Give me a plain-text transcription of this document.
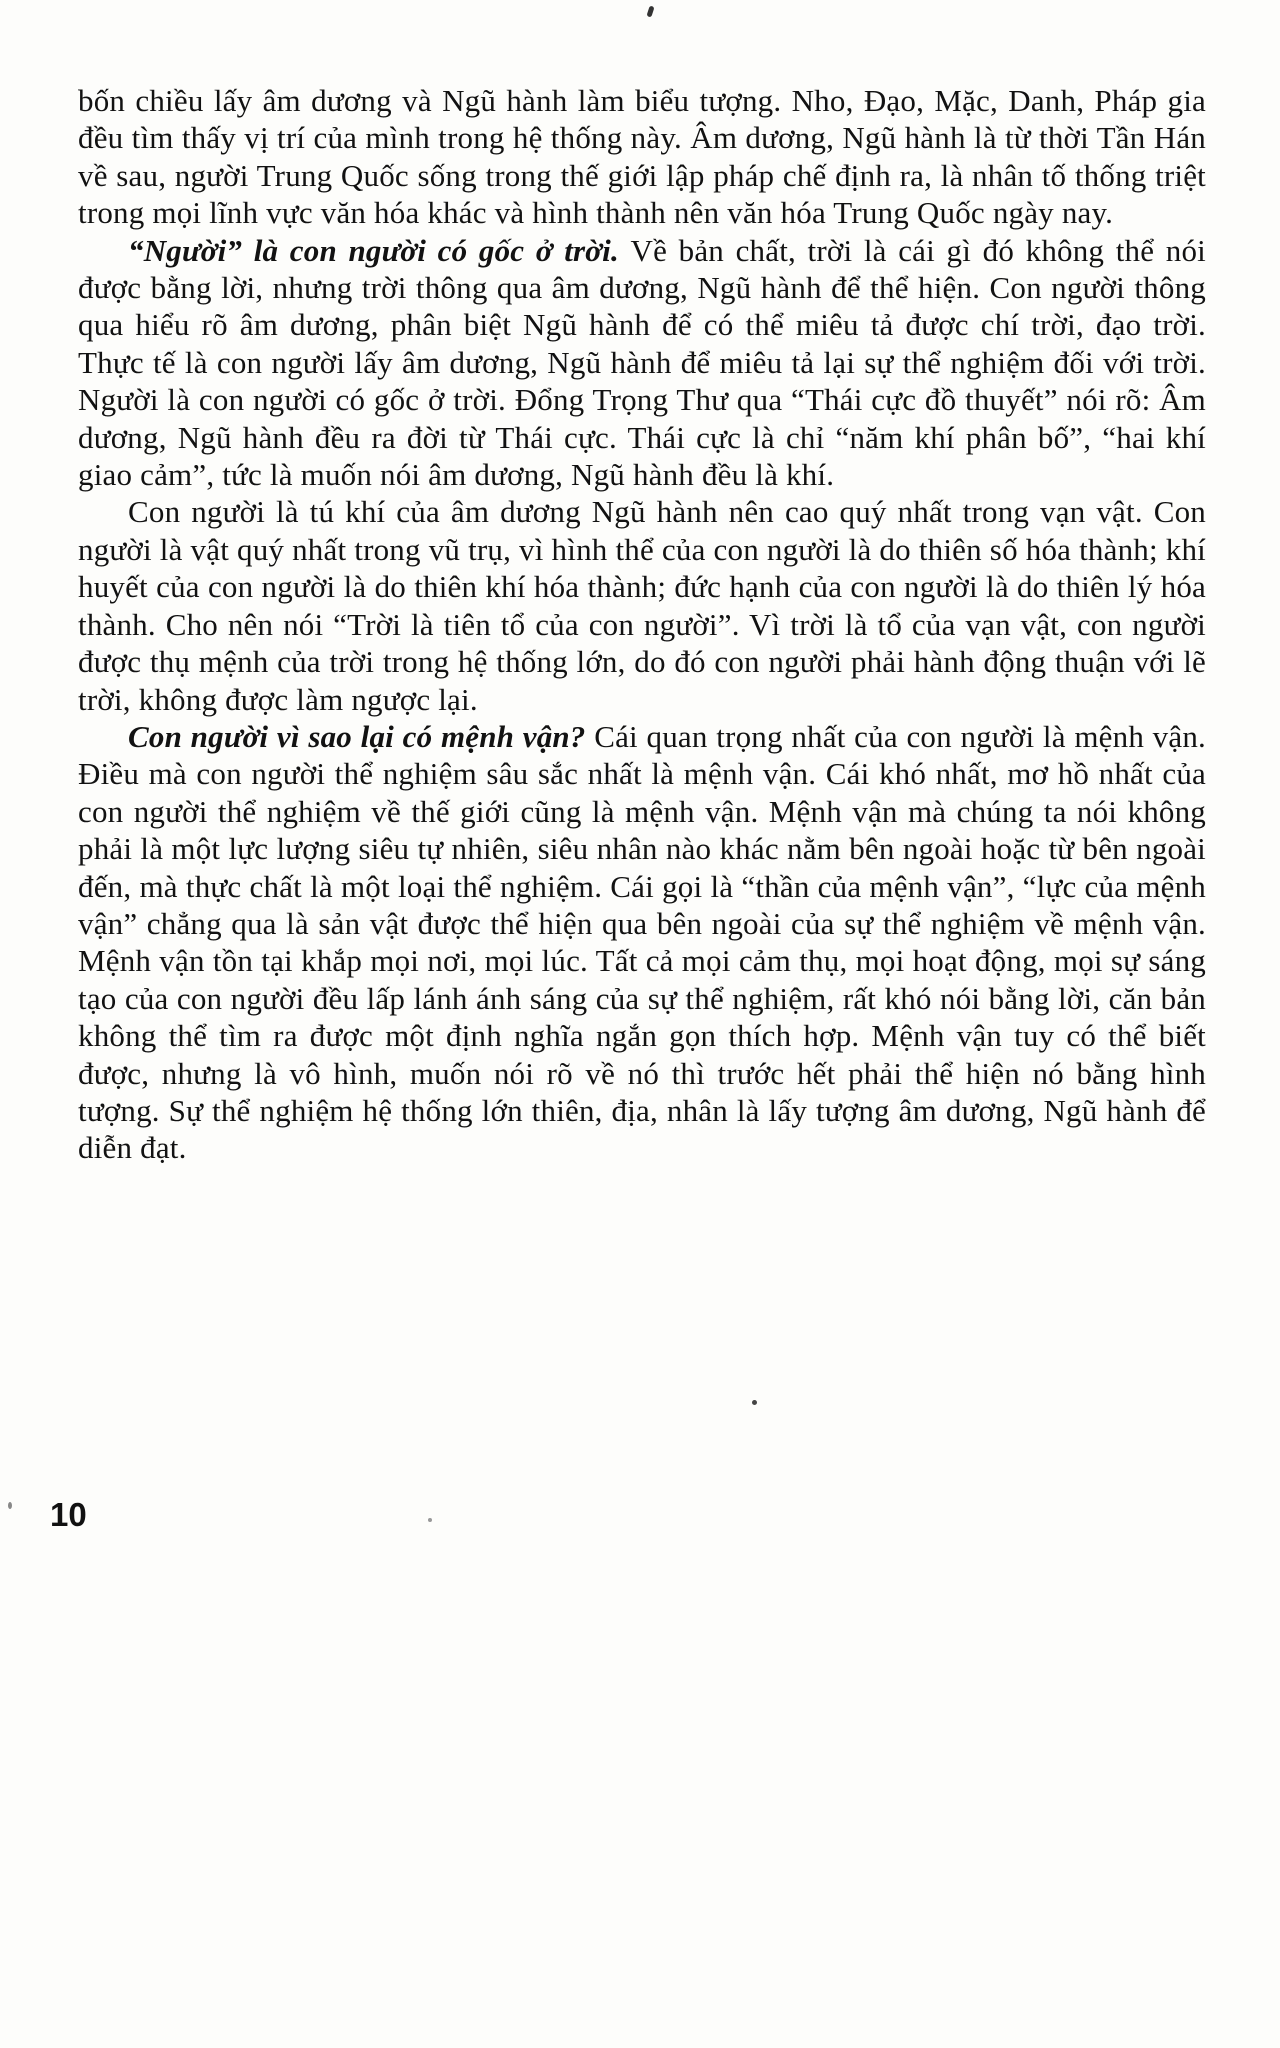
bốn chiều lấy âm dương và Ngũ hành làm biểu tượng. Nho, Đạo, Mặc, Danh, Pháp gia đều tìm thấy vị trí của mình trong hệ thống này. Âm dương, Ngũ hành là từ thời Tần Hán về sau, người Trung Quốc sống trong thế giới lập pháp chế định ra, là nhân tố thống triệt trong mọi lĩnh vực văn hóa khác và hình thành nên văn hóa Trung Quốc ngày nay.

“Người” là con người có gốc ở trời. Về bản chất, trời là cái gì đó không thể nói được bằng lời, nhưng trời thông qua âm dương, Ngũ hành để thể hiện. Con người thông qua hiểu rõ âm dương, phân biệt Ngũ hành để có thể miêu tả được chí trời, đạo trời. Thực tế là con người lấy âm dương, Ngũ hành để miêu tả lại sự thể nghiệm đối với trời. Người là con người có gốc ở trời. Đổng Trọng Thư qua “Thái cực đồ thuyết” nói rõ: Âm dương, Ngũ hành đều ra đời từ Thái cực. Thái cực là chỉ “năm khí phân bố”, “hai khí giao cảm”, tức là muốn nói âm dương, Ngũ hành đều là khí.

Con người là tú khí của âm dương Ngũ hành nên cao quý nhất trong vạn vật. Con người là vật quý nhất trong vũ trụ, vì hình thể của con người là do thiên số hóa thành; khí huyết của con người là do thiên khí hóa thành; đức hạnh của con người là do thiên lý hóa thành. Cho nên nói “Trời là tiên tổ của con người”. Vì trời là tổ của vạn vật, con người được thụ mệnh của trời trong hệ thống lớn, do đó con người phải hành động thuận với lẽ trời, không được làm ngược lại.

Con người vì sao lại có mệnh vận? Cái quan trọng nhất của con người là mệnh vận. Điều mà con người thể nghiệm sâu sắc nhất là mệnh vận. Cái khó nhất, mơ hồ nhất của con người thể nghiệm về thế giới cũng là mệnh vận. Mệnh vận mà chúng ta nói không phải là một lực lượng siêu tự nhiên, siêu nhân nào khác nằm bên ngoài hoặc từ bên ngoài đến, mà thực chất là một loại thể nghiệm. Cái gọi là “thần của mệnh vận”, “lực của mệnh vận” chẳng qua là sản vật được thể hiện qua bên ngoài của sự thể nghiệm về mệnh vận. Mệnh vận tồn tại khắp mọi nơi, mọi lúc. Tất cả mọi cảm thụ, mọi hoạt động, mọi sự sáng tạo của con người đều lấp lánh ánh sáng của sự thể nghiệm, rất khó nói bằng lời, căn bản không thể tìm ra được một định nghĩa ngắn gọn thích hợp. Mệnh vận tuy có thể biết được, nhưng là vô hình, muốn nói rõ về nó thì trước hết phải thể hiện nó bằng hình tượng. Sự thể nghiệm hệ thống lớn thiên, địa, nhân là lấy tượng âm dương, Ngũ hành để diễn đạt.

10
